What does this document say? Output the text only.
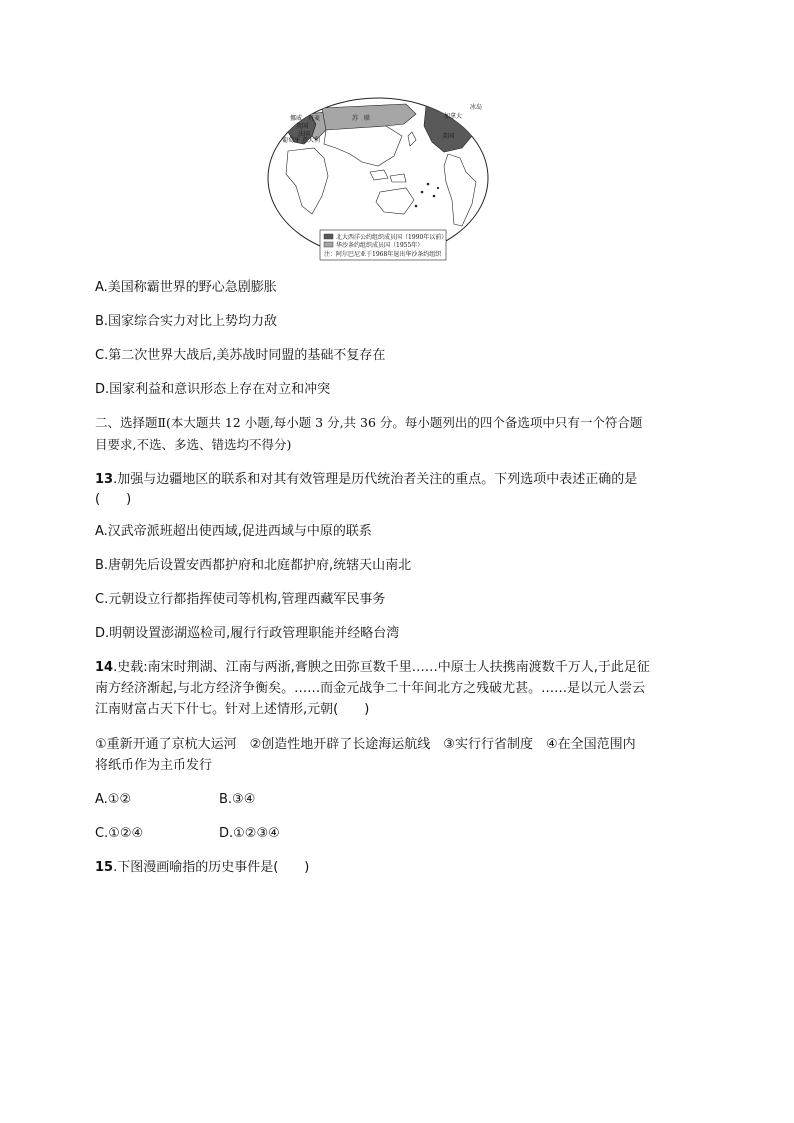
英国
法国
意大利
苏　联	加拿大
美国
冰岛
挪威 丹麦
葡萄牙
北大西洋公约组织成员国（1990年以前）
华沙条约组织成员国（1955年）
注：阿尔巴尼亚于1968年退出华沙条约组织
A.美国称霸世界的野心急剧膨胀
B.国家综合实力对比上势均力敌
C.第二次世界大战后,美苏战时同盟的基础不复存在
D.国家利益和意识形态上存在对立和冲突
二、选择题Ⅱ(本大题共 12 小题,每小题 3 分,共 36 分。每小题列出的四个备选项中只有一个符合题
目要求,不选、多选、错选均不得分)
13.加强与边疆地区的联系和对其有效管理是历代统治者关注的重点。下列选项中表述正确的是
(　　)
A.汉武帝派班超出使西域,促进西域与中原的联系
B.唐朝先后设置安西都护府和北庭都护府,统辖天山南北
C.元朝设立行都指挥使司等机构,管理西藏军民事务
D.明朝设置澎湖巡检司,履行行政管理职能并经略台湾
14.史载:南宋时荆湖、江南与两浙,膏腴之田弥亘数千里……中原士人扶携南渡数千万人,于此足征
南方经济渐起,与北方经济争衡矣。……而金元战争二十年间北方之残破尤甚。……是以元人尝云
江南财富占天下什七。针对上述情形,元朝(　　)
①重新开通了京杭大运河　②创造性地开辟了长途海运航线　③实行行省制度　④在全国范围内
将纸币作为主币发行
A.①②	B.③④
C.①②④	D.①②③④
15.下图漫画喻指的历史事件是(　　)
